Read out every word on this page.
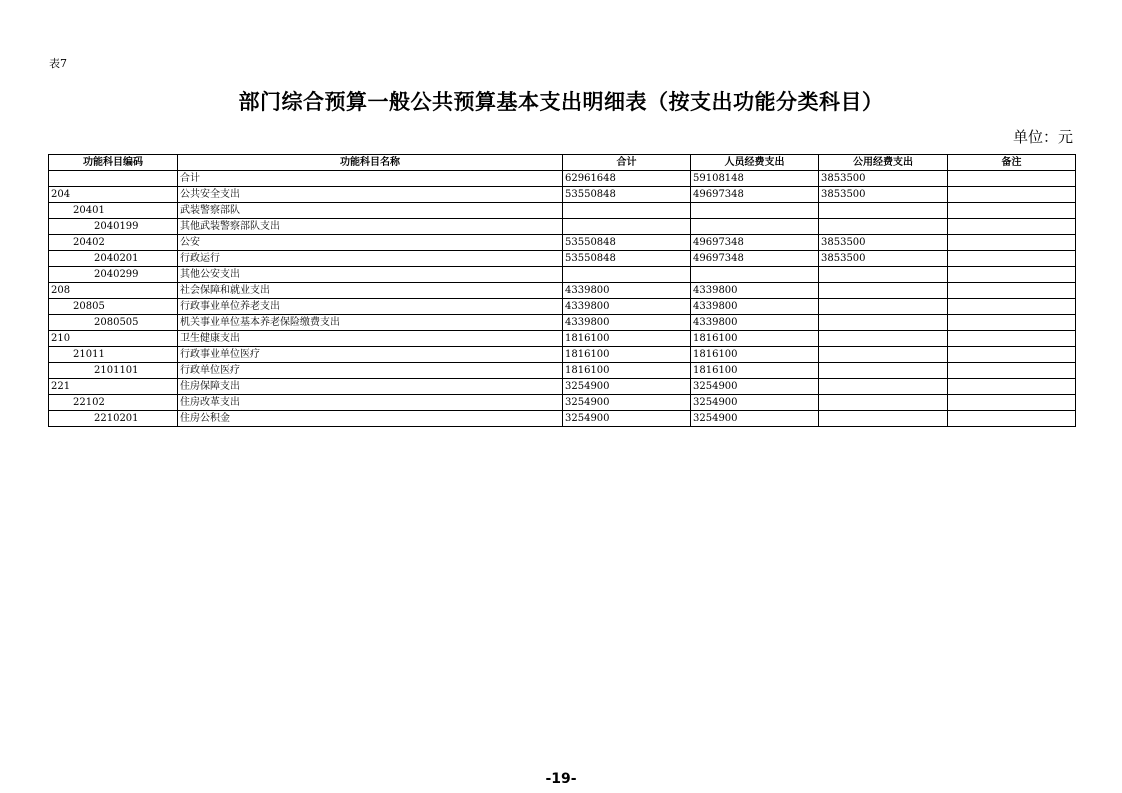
表7
部门综合预算一般公共预算基本支出明细表（按支出功能分类科目）
单位：元
功能科目编码	功能科目名称	合计	人员经费支出	公用经费支出	备注
	合计	62961648	59108148	3853500	
204	公共安全支出	53550848	49697348	3853500	
20401	武装警察部队				
2040199	其他武装警察部队支出				
20402	公安	53550848	49697348	3853500	
2040201	行政运行	53550848	49697348	3853500	
2040299	其他公安支出				
208	社会保障和就业支出	4339800	4339800		
20805	行政事业单位养老支出	4339800	4339800		
2080505	机关事业单位基本养老保险缴费支出	4339800	4339800		
210	卫生健康支出	1816100	1816100		
21011	行政事业单位医疗	1816100	1816100		
2101101	行政单位医疗	1816100	1816100		
221	住房保障支出	3254900	3254900		
22102	住房改革支出	3254900	3254900		
2210201	住房公积金	3254900	3254900		
-19-
